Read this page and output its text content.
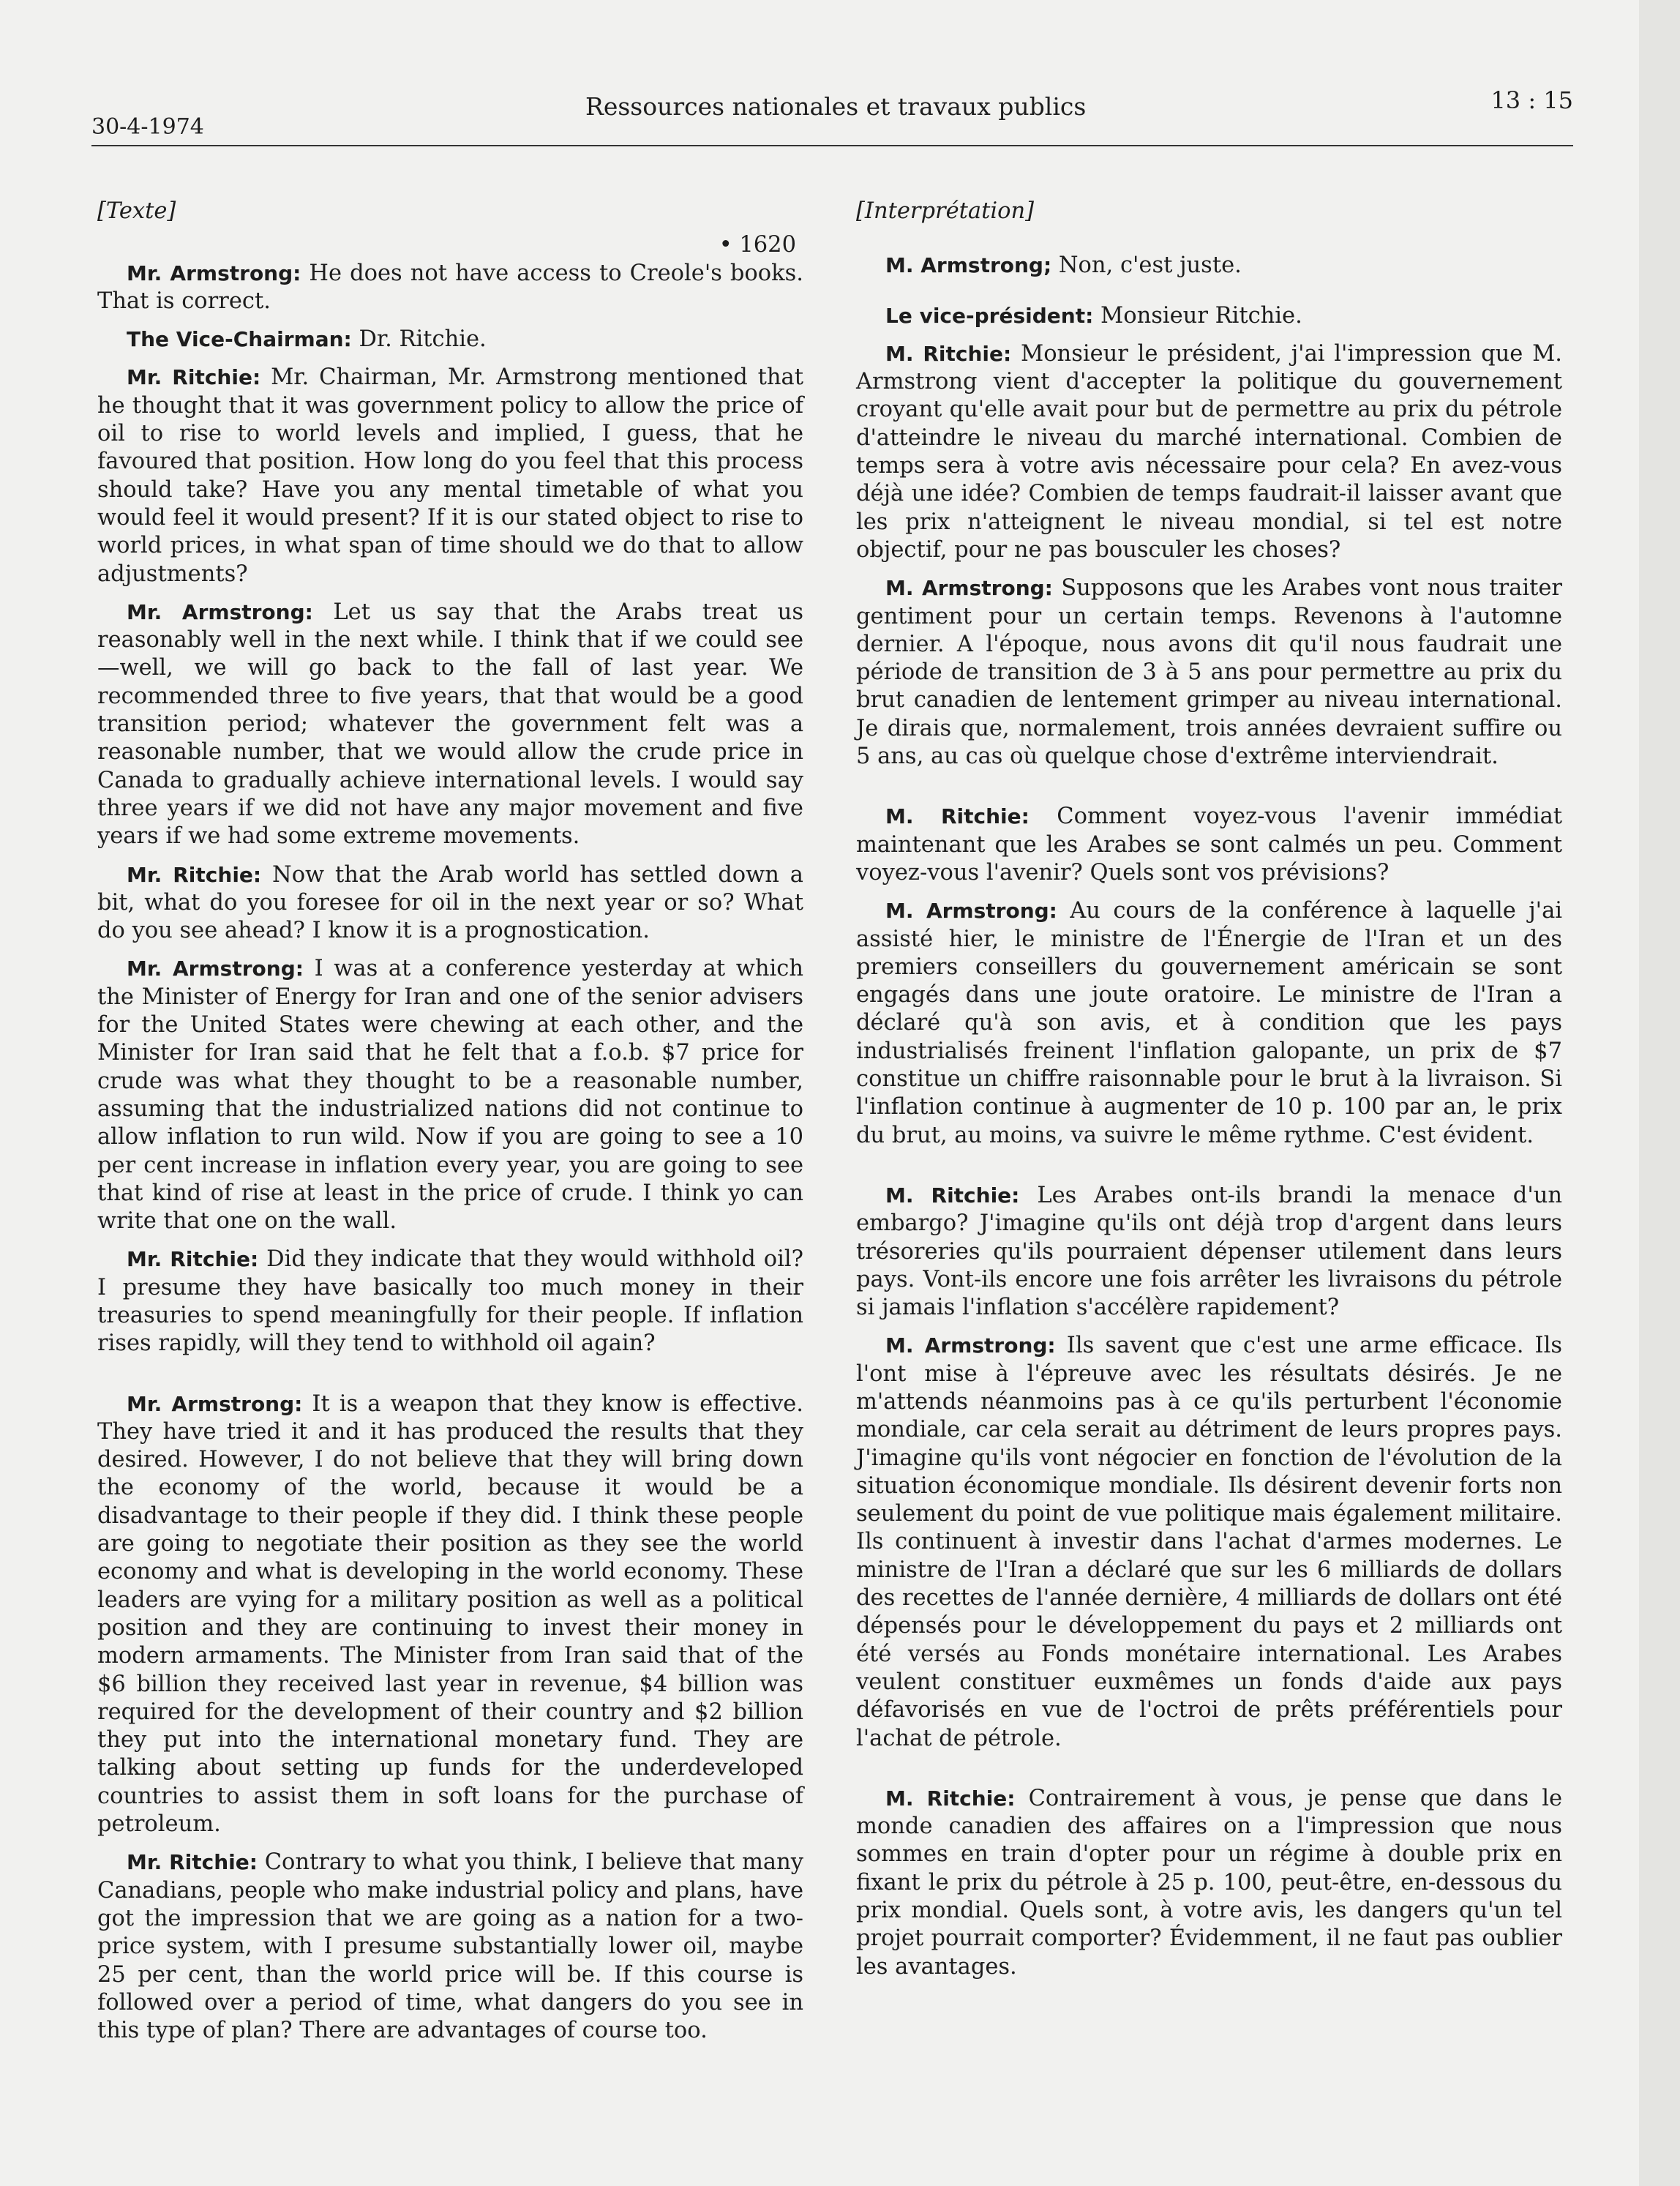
30-4-1974
Ressources nationales et travaux publics	13 : 15
[Texte]
• 1620

Mr. Armstrong: He does not have access to Creole's books. That is correct.

The Vice-Chairman: Dr. Ritchie.

Mr. Ritchie: Mr. Chairman, Mr. Armstrong mentioned that he thought that it was government policy to allow the price of oil to rise to world levels and implied, I guess, that he favoured that position. How long do you feel that this process should take? Have you any mental timetable of what you would feel it would present? If it is our stated object to rise to world prices, in what span of time should we do that to allow adjustments?

Mr. Armstrong: Let us say that the Arabs treat us reasonably well in the next while. I think that if we could see—well, we will go back to the fall of last year. We recommended three to five years, that that would be a good transition period; whatever the government felt was a reasonable number, that we would allow the crude price in Canada to gradually achieve international levels. I would say three years if we did not have any major movement and five years if we had some extreme movements.

Mr. Ritchie: Now that the Arab world has settled down a bit, what do you foresee for oil in the next year or so? What do you see ahead? I know it is a prognostication.

Mr. Armstrong: I was at a conference yesterday at which the Minister of Energy for Iran and one of the senior advisers for the United States were chewing at each other, and the Minister for Iran said that he felt that a f.o.b. $7 price for crude was what they thought to be a reasonable number, assuming that the industrialized nations did not continue to allow inflation to run wild. Now if you are going to see a 10 per cent increase in inflation every year, you are going to see that kind of rise at least in the price of crude. I think yo can write that one on the wall.

Mr. Ritchie: Did they indicate that they would withhold oil? I presume they have basically too much money in their treasuries to spend meaningfully for their people. If inflation rises rapidly, will they tend to withhold oil again?

Mr. Armstrong: It is a weapon that they know is effective. They have tried it and it has produced the results that they desired. However, I do not believe that they will bring down the economy of the world, because it would be a disadvantage to their people if they did. I think these people are going to negotiate their position as they see the world economy and what is developing in the world economy. These leaders are vying for a military position as well as a political position and they are continuing to invest their money in modern armaments. The Minister from Iran said that of the $6 billion they received last year in revenue, $4 billion was required for the development of their country and $2 billion they put into the international monetary fund. They are talking about setting up funds for the underdeveloped countries to assist them in soft loans for the purchase of petroleum.

Mr. Ritchie: Contrary to what you think, I believe that many Canadians, people who make industrial policy and plans, have got the impression that we are going as a nation for a two-price system, with I presume substantially lower oil, maybe 25 per cent, than the world price will be. If this course is followed over a period of time, what dangers do you see in this type of plan? There are advantages of course too.

[Interprétation]

M. Armstrong; Non, c'est juste.

Le vice-président: Monsieur Ritchie.

M. Ritchie: Monsieur le président, j'ai l'impression que M. Armstrong vient d'accepter la politique du gouvernement croyant qu'elle avait pour but de permettre au prix du pétrole d'atteindre le niveau du marché international. Combien de temps sera à votre avis nécessaire pour cela? En avez-vous déjà une idée? Combien de temps faudrait-il laisser avant que les prix n'atteignent le niveau mondial, si tel est notre objectif, pour ne pas bousculer les choses?

M. Armstrong: Supposons que les Arabes vont nous traiter gentiment pour un certain temps. Revenons à l'automne dernier. A l'époque, nous avons dit qu'il nous faudrait une période de transition de 3 à 5 ans pour permettre au prix du brut canadien de lentement grimper au niveau international. Je dirais que, normalement, trois années devraient suffire ou 5 ans, au cas où quelque chose d'extrême interviendrait.

M. Ritchie: Comment voyez-vous l'avenir immédiat maintenant que les Arabes se sont calmés un peu. Comment voyez-vous l'avenir? Quels sont vos prévisions?

M. Armstrong: Au cours de la conférence à laquelle j'ai assisté hier, le ministre de l'Énergie de l'Iran et un des premiers conseillers du gouvernement américain se sont engagés dans une joute oratoire. Le ministre de l'Iran a déclaré qu'à son avis, et à condition que les pays industrialisés freinent l'inflation galopante, un prix de $7 constitue un chiffre raisonnable pour le brut à la livraison. Si l'inflation continue à augmenter de 10 p. 100 par an, le prix du brut, au moins, va suivre le même rythme. C'est évident.

M. Ritchie: Les Arabes ont-ils brandi la menace d'un embargo? J'imagine qu'ils ont déjà trop d'argent dans leurs trésoreries qu'ils pourraient dépenser utilement dans leurs pays. Vont-ils encore une fois arrêter les livraisons du pétrole si jamais l'inflation s'accélère rapidement?

M. Armstrong: Ils savent que c'est une arme efficace. Ils l'ont mise à l'épreuve avec les résultats désirés. Je ne m'attends néanmoins pas à ce qu'ils perturbent l'économie mondiale, car cela serait au détriment de leurs propres pays. J'imagine qu'ils vont négocier en fonction de l'évolution de la situation économique mondiale. Ils désirent devenir forts non seulement du point de vue politique mais également militaire. Ils continuent à investir dans l'achat d'armes modernes. Le ministre de l'Iran a déclaré que sur les 6 milliards de dollars des recettes de l'année dernière, 4 milliards de dollars ont été dépensés pour le développement du pays et 2 milliards ont été versés au Fonds monétaire international. Les Arabes veulent constituer euxmêmes un fonds d'aide aux pays défavorisés en vue de l'octroi de prêts préférentiels pour l'achat de pétrole.

M. Ritchie: Contrairement à vous, je pense que dans le monde canadien des affaires on a l'impression que nous sommes en train d'opter pour un régime à double prix en fixant le prix du pétrole à 25 p. 100, peut-être, en-dessous du prix mondial. Quels sont, à votre avis, les dangers qu'un tel projet pourrait comporter? Évidemment, il ne faut pas oublier les avantages.
